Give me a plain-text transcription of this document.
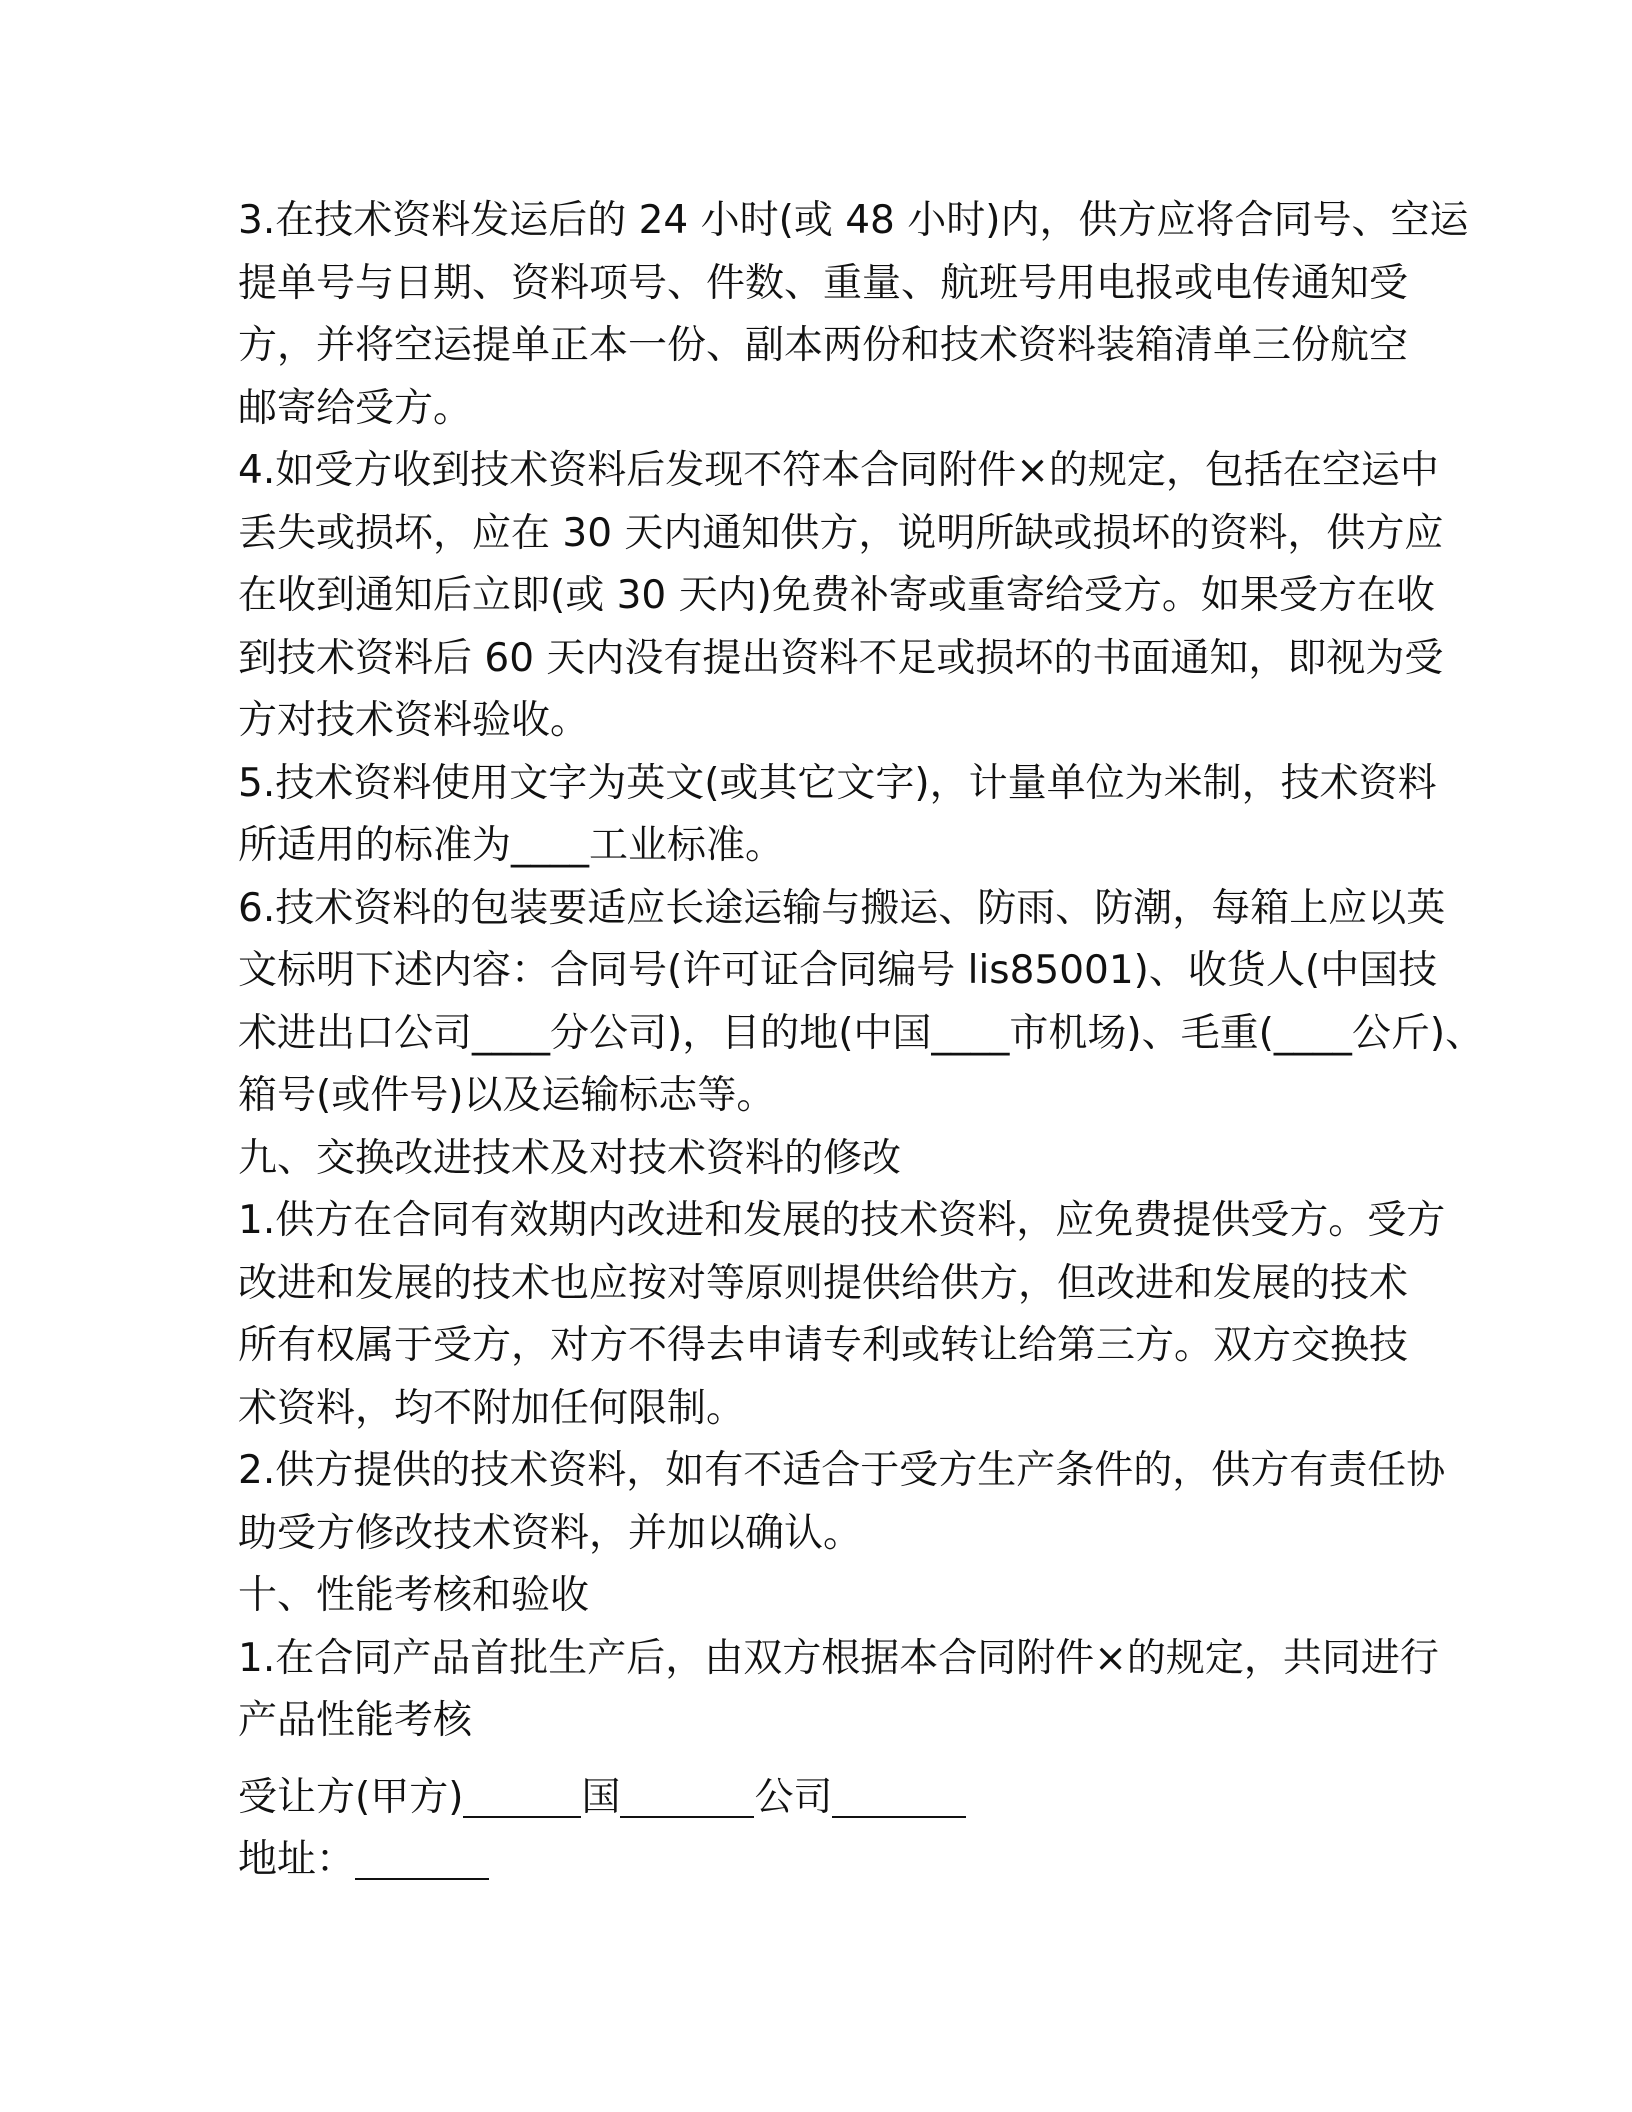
3.在技术资料发运后的 24 小时(或 48 小时)内，供方应将合同号、空运
提单号与日期、资料项号、件数、重量、航班号用电报或电传通知受
方，并将空运提单正本一份、副本两份和技术资料装箱清单三份航空
邮寄给受方。
4.如受方收到技术资料后发现不符本合同附件×的规定，包括在空运中
丢失或损坏，应在 30 天内通知供方，说明所缺或损坏的资料，供方应
在收到通知后立即(或 30 天内)免费补寄或重寄给受方。如果受方在收
到技术资料后 60 天内没有提出资料不足或损坏的书面通知，即视为受
方对技术资料验收。
5.技术资料使用文字为英文(或其它文字)，计量单位为米制，技术资料
所适用的标准为____工业标准。
6.技术资料的包装要适应长途运输与搬运、防雨、防潮，每箱上应以英
文标明下述内容：合同号(许可证合同编号 lis85001)、收货人(中国技
术进出口公司____分公司)，目的地(中国____市机场)、毛重(____公斤)、
箱号(或件号)以及运输标志等。
九、交换改进技术及对技术资料的修改
1.供方在合同有效期内改进和发展的技术资料，应免费提供受方。受方
改进和发展的技术也应按对等原则提供给供方，但改进和发展的技术
所有权属于受方，对方不得去申请专利或转让给第三方。双方交换技
术资料，均不附加任何限制。
2.供方提供的技术资料，如有不适合于受方生产条件的，供方有责任协
助受方修改技术资料，并加以确认。
十、性能考核和验收
1.在合同产品首批生产后，由双方根据本合同附件×的规定，共同进行
产品性能考核
受让方(甲方)	国	公司
地址：
